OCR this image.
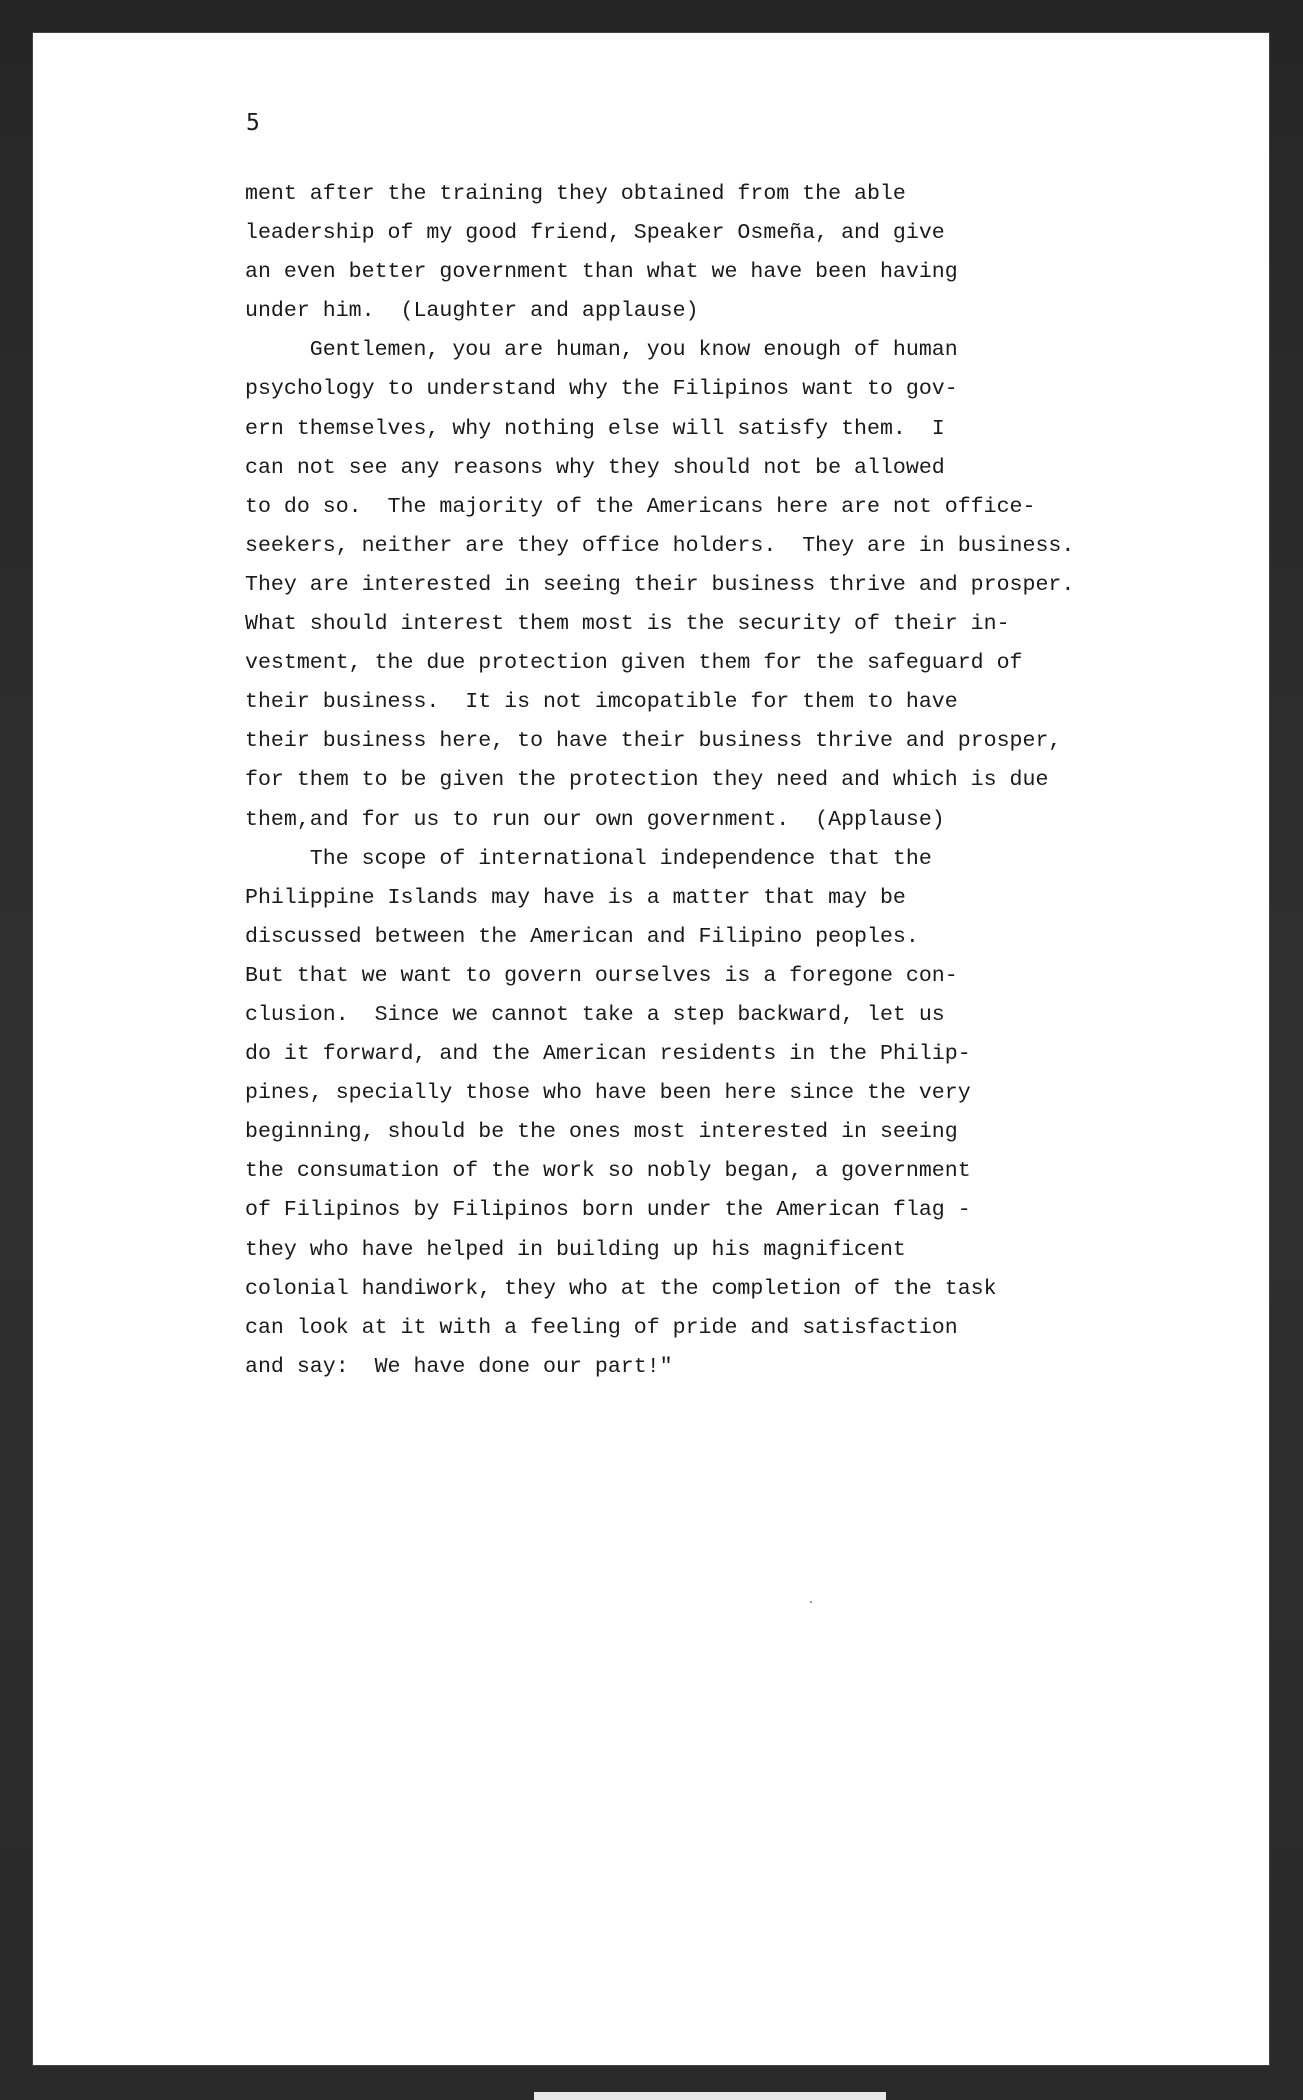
5

ment after the training they obtained from the able
leadership of my good friend, Speaker Osmeña, and give
an even better government than what we have been having
under him.  (Laughter and applause)
Gentlemen, you are human, you know enough of human
psychology to understand why the Filipinos want to gov-
ern themselves, why nothing else will satisfy them.  I
can not see any reasons why they should not be allowed
to do so.  The majority of the Americans here are not office-
seekers, neither are they office holders.  They are in business.
They are interested in seeing their business thrive and prosper.
What should interest them most is the security of their in-
vestment, the due protection given them for the safeguard of
their business.  It is not imcopatible for them to have
their business here, to have their business thrive and prosper,
for them to be given the protection they need and which is due
them,and for us to run our own government.  (Applause)
The scope of international independence that the
Philippine Islands may have is a matter that may be
discussed between the American and Filipino peoples.
But that we want to govern ourselves is a foregone con-
clusion.  Since we cannot take a step backward, let us
do it forward, and the American residents in the Philip-
pines, specially those who have been here since the very
beginning, should be the ones most interested in seeing
the consumation of the work so nobly began, a government
of Filipinos by Filipinos born under the American flag -
they who have helped in building up his magnificent
colonial handiwork, they who at the completion of the task
can look at it with a feeling of pride and satisfaction
and say:  We have done our part!"
